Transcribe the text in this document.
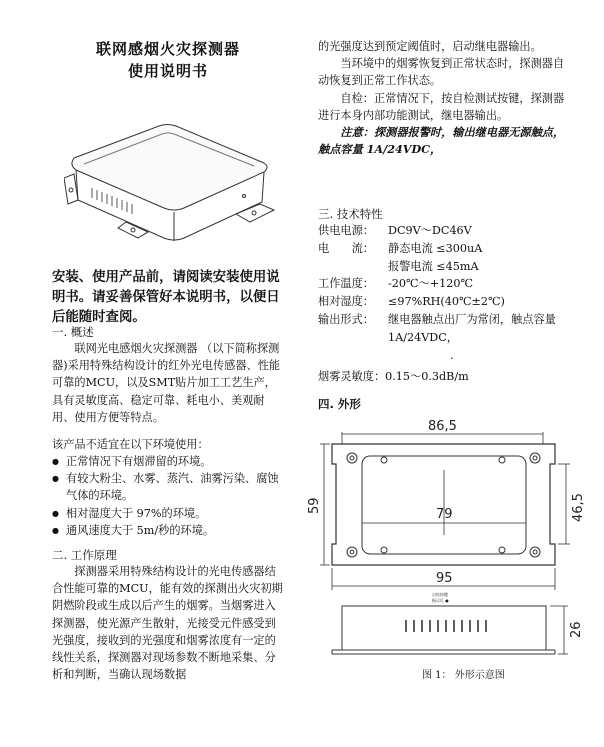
联网感烟火灾探测器
使用说明书

安装、使用产品前，请阅读安装使用说明书。请妥善保管好本说明书，以便日后能随时查阅。

一. 概述

联网光电感烟火灾探测器 （以下简称探测器)采用特殊结构设计的红外光电传感器、性能可靠的MCU，以及SMT贴片加工工艺生产，具有灵敏度高、稳定可靠、耗电小、美观耐用、使用方便等特点。

该产品不适宜在以下环境使用：

● 正常情况下有烟滞留的环境。
● 有较大粉尘、水雾、蒸汽、油雾污染、腐蚀气体的环境。
● 相对湿度大于 97%的环境。
● 通风速度大于 5m/秒的环境。

二. 工作原理

探测器采用特殊结构设计的光电传感器结合性能可靠的MCU，能有效的探测出火灾初期阴燃阶段或生成以后产生的烟雾。当烟雾进入探测器，使光源产生散射，光接受元件感受到光强度，接收到的光强度和烟雾浓度有一定的线性关系，探测器对现场参数不断地采集、分析和判断，当确认现场数据

的光强度达到预定阈值时，启动继电器输出。

当环境中的烟雾恢复到正常状态时，探测器自动恢复到正常工作状态。

自检：正常情况下，按自检测试按键，探测器进行本身内部功能测试，继电器输出。

注意：探测器报警时，输出继电器无源触点，触点容量 1A/24VDC，

三. 技术特性

供电电源：	DC9V～DC46V
电　　流：	静态电流 ≤300uA
	报警电流 ≤45mA
工作温度：	-20℃～+120℃
相对湿度：	≤97%RH(40℃±2℃)
输出形式：	继电器触点出厂为常闭，触点容量 1A/24VDC，
	.

烟雾灵敏度：0.15～0.3dB/m

四. 外形

86,5
79
59	46,5
95
自检按键
指示灯 ●
26
图 1： 外形示意图
